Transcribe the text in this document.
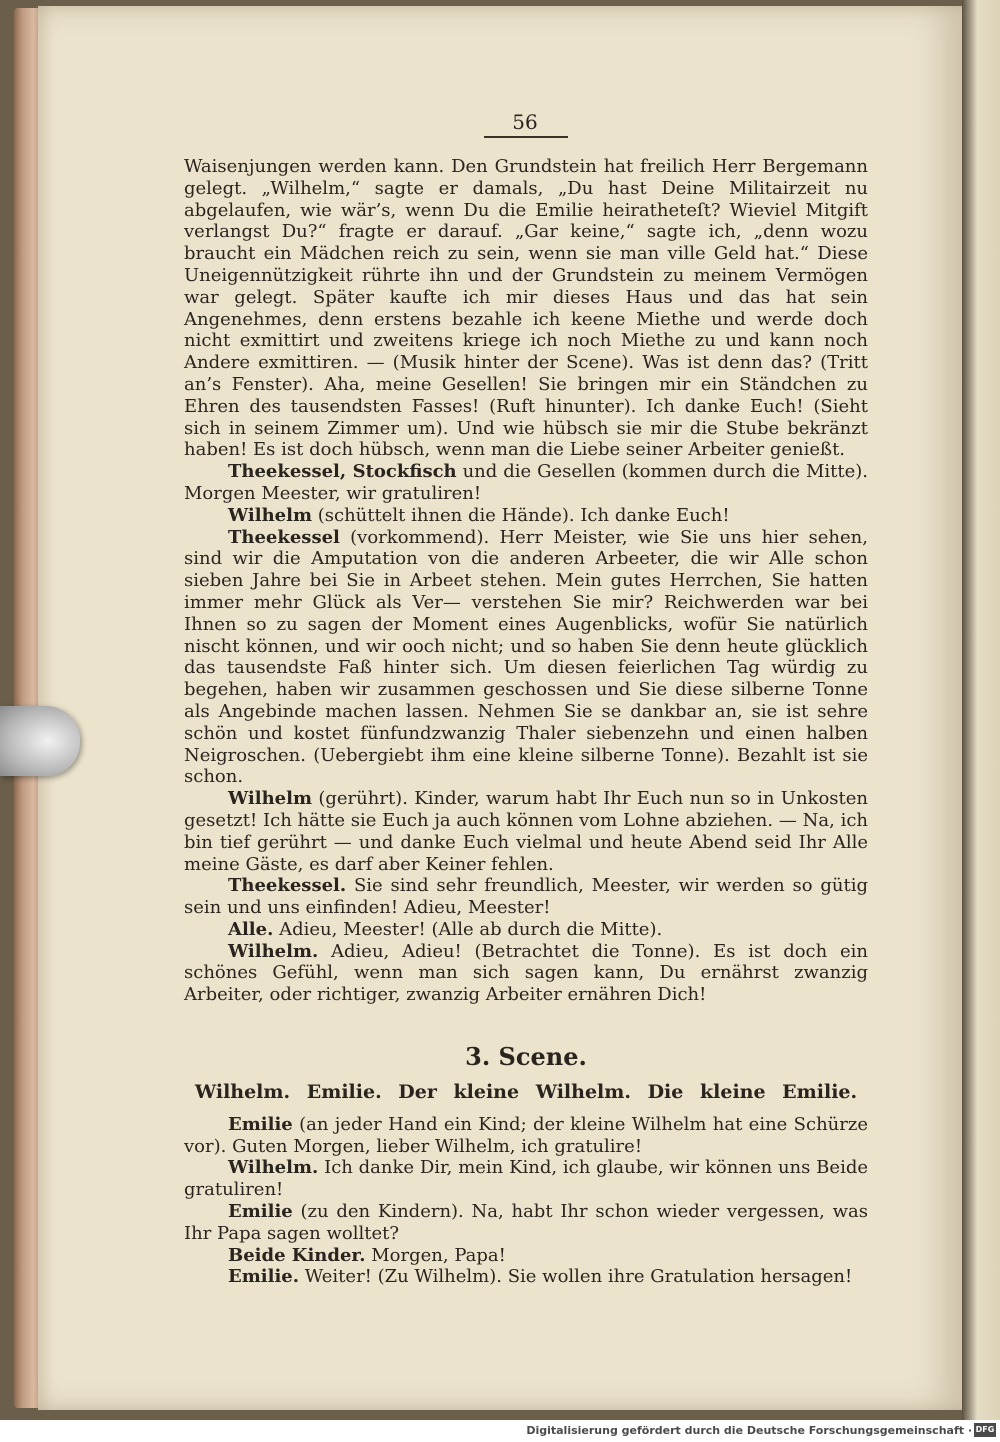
56

Waisenjungen werden kann. Den Grundstein hat freilich Herr Bergemann gelegt. „Wilhelm,“ sagte er damals, „Du hast Deine Militairzeit nu abgelaufen, wie wär’s, wenn Du die Emilie heiratheteſt? Wieviel Mitgift verlangst Du?“ fragte er darauf. „Gar keine,“ sagte ich, „denn wozu braucht ein Mädchen reich zu sein, wenn sie man ville Geld hat.“ Diese Uneigennützigkeit rührte ihn und der Grundstein zu meinem Vermögen war gelegt. Später kaufte ich mir dieses Haus und das hat sein Angenehmes, denn erstens bezahle ich keene Miethe und werde doch nicht exmittirt und zweitens kriege ich noch Miethe zu und kann noch Andere exmittiren. — (Musik hinter der Scene). Was ist denn das? (Tritt an’s Fenster). Aha, meine Gesellen! Sie bringen mir ein Ständchen zu Ehren des tausendsten Fasses! (Ruft hinunter). Ich danke Euch! (Sieht sich in seinem Zimmer um). Und wie hübsch sie mir die Stube bekränzt haben! Es ist doch hübsch, wenn man die Liebe seiner Arbeiter genießt.

Theekessel, Stockfisch und die Gesellen (kommen durch die Mitte). Morgen Meester, wir gratuliren!

Wilhelm (schüttelt ihnen die Hände). Ich danke Euch!

Theekessel (vorkommend). Herr Meister, wie Sie uns hier sehen, sind wir die Amputation von die anderen Arbeeter, die wir Alle schon sieben Jahre bei Sie in Arbeet stehen. Mein gutes Herrchen, Sie hatten immer mehr Glück als Ver— verstehen Sie mir? Reichwerden war bei Ihnen so zu sagen der Moment eines Augenblicks, wofür Sie natürlich nischt können, und wir ooch nicht; und so haben Sie denn heute glücklich das tausendste Faß hinter sich. Um diesen feierlichen Tag würdig zu begehen, haben wir zusammen geschossen und Sie diese silberne Tonne als Angebinde machen lassen. Nehmen Sie se dankbar an, sie ist sehre schön und kostet fünfundzwanzig Thaler siebenzehn und einen halben Neigroschen. (Uebergiebt ihm eine kleine silberne Tonne). Bezahlt ist sie schon.

Wilhelm (gerührt). Kinder, warum habt Ihr Euch nun so in Unkosten gesetzt! Ich hätte sie Euch ja auch können vom Lohne abziehen. — Na, ich bin tief gerührt — und danke Euch vielmal und heute Abend seid Ihr Alle meine Gäste, es darf aber Keiner fehlen.

Theekessel. Sie sind sehr freundlich, Meester, wir werden so gütig sein und uns einfinden! Adieu, Meester!

Alle. Adieu, Meester! (Alle ab durch die Mitte).

Wilhelm. Adieu, Adieu! (Betrachtet die Tonne). Es ist doch ein schönes Gefühl, wenn man sich sagen kann, Du ernährst zwanzig Arbeiter, oder richtiger, zwanzig Arbeiter ernähren Dich!

3. Scene.
Wilhelm. Emilie. Der kleine Wilhelm. Die kleine Emilie.

Emilie (an jeder Hand ein Kind; der kleine Wilhelm hat eine Schürze vor). Guten Morgen, lieber Wilhelm, ich gratulire!

Wilhelm. Ich danke Dir, mein Kind, ich glaube, wir können uns Beide gratuliren!

Emilie (zu den Kindern). Na, habt Ihr schon wieder vergessen, was Ihr Papa sagen wolltet?

Beide Kinder. Morgen, Papa!

Emilie. Weiter! (Zu Wilhelm). Sie wollen ihre Gratulation hersagen!

Digitalisierung gefördert durch die Deutsche Forschungsgemeinschaft · DFG
